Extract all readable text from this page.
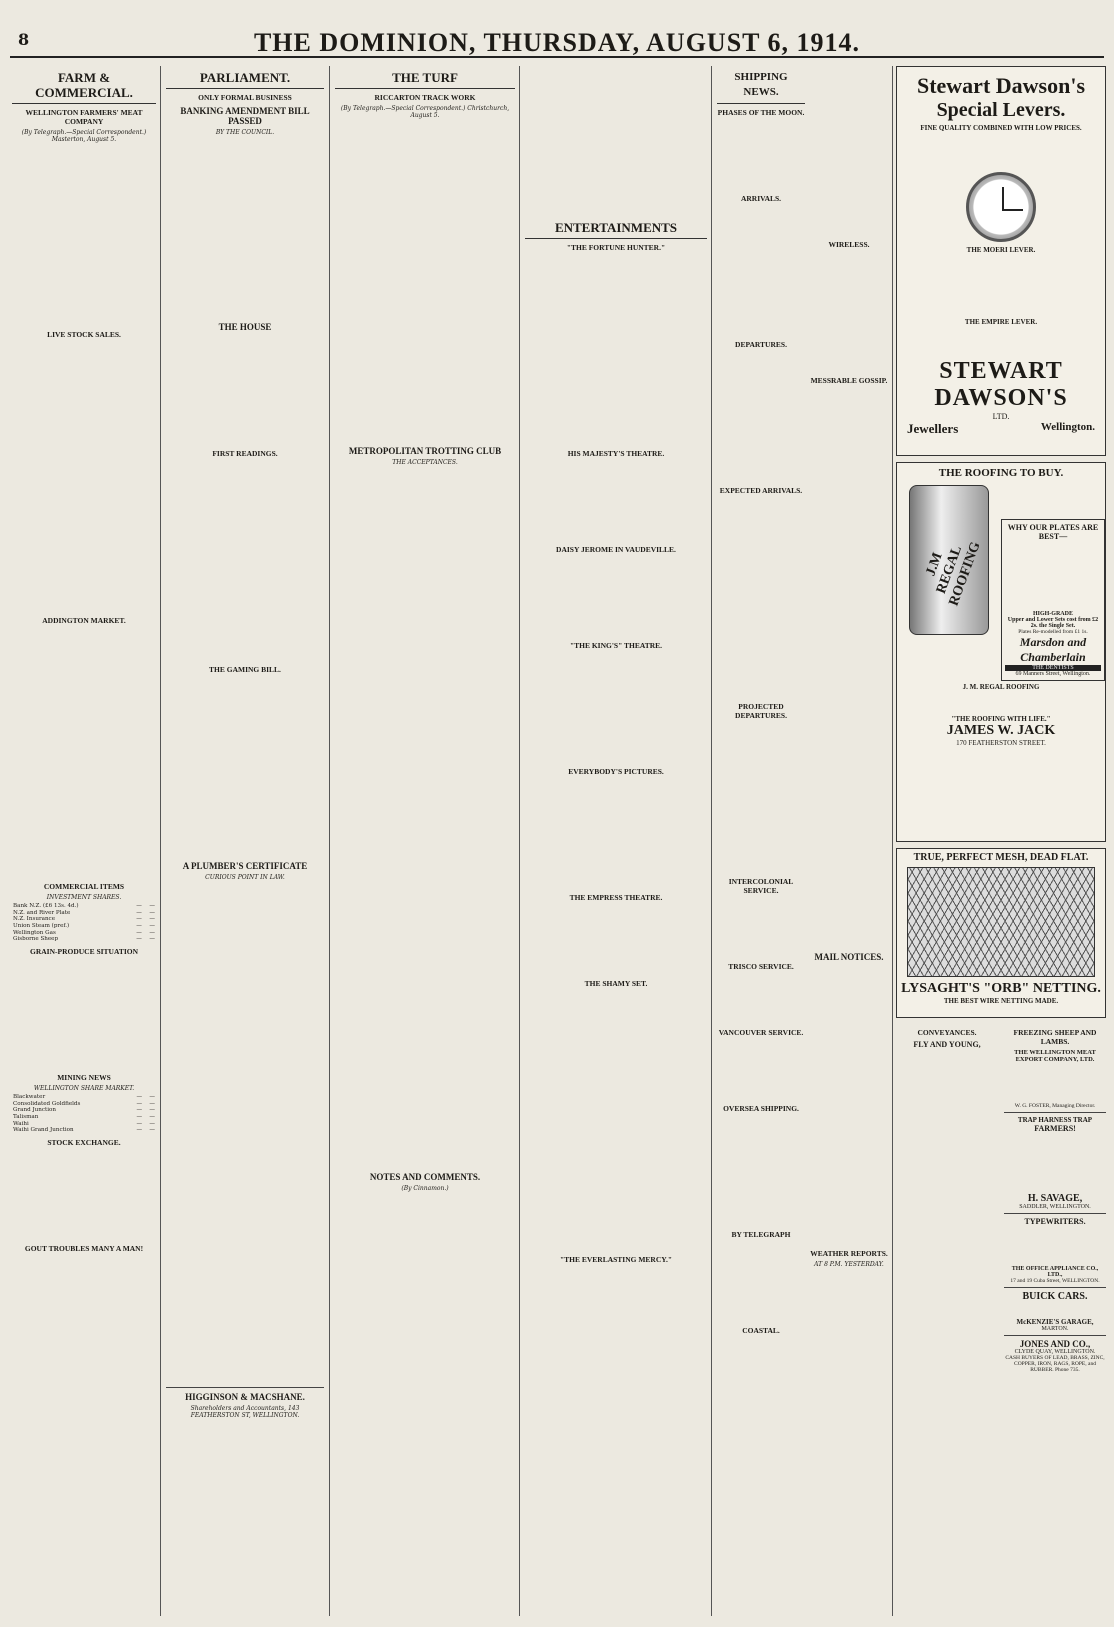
8	THE DOMINION, THURSDAY, AUGUST 6, 1914.
FARM & COMMERCIAL.
WELLINGTON FARMERS' MEAT COMPANY
(By Telegraph.—Special Correspondent.) Masterton, August 5.
LIVE STOCK SALES.
ADDINGTON MARKET.
COMMERCIAL ITEMS
INVESTMENT SHARES.
Bank N.Z. (£6 13s. 4d.)	—	—
N.Z. and River Plate	—	—
N.Z. Insurance	—	—
Union Steam (pref.)	—	—
Wellington Gas	—	—
Gisborne Sheep	—	—
GRAIN-PRODUCE SITUATION
MINING NEWS
WELLINGTON SHARE MARKET.
Blackwater	—	—
Consolidated Goldfields	—	—
Grand Junction	—	—
Talisman	—	—
Waihi	—	—
Waihi Grand Junction	—	—
STOCK EXCHANGE.
GOUT TROUBLES MANY A MAN!
PARLIAMENT.
ONLY FORMAL BUSINESS
BANKING AMENDMENT BILL PASSED
BY THE COUNCIL.
THE HOUSE
FIRST READINGS.
THE GAMING BILL.
A PLUMBER'S CERTIFICATE
CURIOUS POINT IN LAW.
HIGGINSON & MACSHANE.
Shareholders and Accountants, 143 FEATHERSTON ST, WELLINGTON.
THE TURF
RICCARTON TRACK WORK
(By Telegraph.—Special Correspondent.) Christchurch, August 5.
METROPOLITAN TROTTING CLUB
THE ACCEPTANCES.
NOTES AND COMMENTS.
(By Cinnamon.)
ENTERTAINMENTS
"THE FORTUNE HUNTER."
HIS MAJESTY'S THEATRE.
DAISY JEROME IN VAUDEVILLE.
"THE KING'S" THEATRE.
EVERYBODY'S PICTURES.
THE EMPRESS THEATRE.
THE SHAMY SET.
"THE EVERLASTING MERCY."
SHIPPING NEWS.
PHASES OF THE MOON.
ARRIVALS.
DEPARTURES.
EXPECTED ARRIVALS.
PROJECTED DEPARTURES.
INTERCOLONIAL SERVICE.
TRISCO SERVICE.
VANCOUVER SERVICE.
OVERSEA SHIPPING.
BY TELEGRAPH
COASTAL.
WIRELESS.
MESSRABLE GOSSIP.
MAIL NOTICES.
WEATHER REPORTS.
AT 8 P.M. YESTERDAY.
Stewart Dawson's
Special Levers.
FINE QUALITY COMBINED WITH LOW PRICES.
THE MOERI LEVER.
THE EMPIRE LEVER.
STEWART DAWSON'S
LTD.
Jewellers	Wellington.
THE ROOFING TO BUY.
J.M REGAL ROOFING
WHY OUR PLATES ARE BEST—
HIGH-GRADE
Upper and Lower Sets cost from £2 2s. the Single Set.
Plates Re-modelled from £1 1s.
Marsdon and
Chamberlain
THE DENTISTS
69 Manners Street, Wellington.
J. M. REGAL ROOFING
"THE ROOFING WITH LIFE."
JAMES W. JACK
170 FEATHERSTON STREET.
TRUE, PERFECT MESH, DEAD FLAT.
LYSAGHT'S "ORB" NETTING.
THE BEST WIRE NETTING MADE.
CONVEYANCES.
FLY AND YOUNG,
FREEZING SHEEP AND LAMBS.
THE WELLINGTON MEAT EXPORT COMPANY, LTD.
W. G. FOSTER, Managing Director.
TRAP HARNESS TRAP
FARMERS!
H. SAVAGE,
SADDLER, WELLINGTON.
TYPEWRITERS.
THE OFFICE APPLIANCE CO., LTD.,
17 and 19 Cuba Street, WELLINGTON.
BUICK CARS.
McKENZIE'S GARAGE,
MARTON.
JONES AND CO.,
CLYDE QUAY, WELLINGTON.
CASH BUYERS OF LEAD, BRASS, ZINC, COPPER, IRON, RAGS, ROPE, and RUBBER. Phone 735.
